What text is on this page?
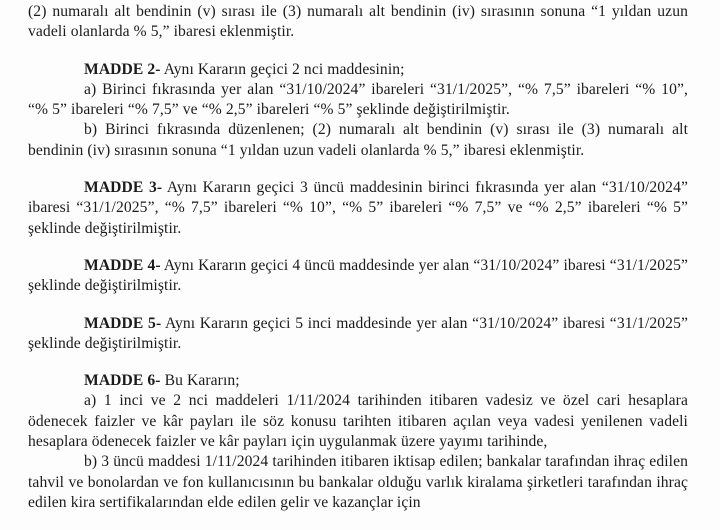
(2) numaralı alt bendinin (v) sırası ile (3) numaralı alt bendinin (iv) sırasının sonuna “1 yıldan uzun vadeli olanlarda % 5,” ibaresi eklenmiştir.

MADDE 2- Aynı Kararın geçici 2 nci maddesinin;

a) Birinci fıkrasında yer alan “31/10/2024” ibareleri “31/1/2025”, “% 7,5” ibareleri “% 10”, “% 5” ibareleri “% 7,5” ve “% 2,5” ibareleri “% 5” şeklinde değiştirilmiştir.

b) Birinci fıkrasında düzenlenen; (2) numaralı alt bendinin (v) sırası ile (3) numaralı alt bendinin (iv) sırasının sonuna “1 yıldan uzun vadeli olanlarda % 5,” ibaresi eklenmiştir.

MADDE 3- Aynı Kararın geçici 3 üncü maddesinin birinci fıkrasında yer alan “31/10/2024” ibaresi “31/1/2025”, “% 7,5” ibareleri “% 10”, “% 5” ibareleri “% 7,5” ve “% 2,5” ibareleri “% 5” şeklinde değiştirilmiştir.

MADDE 4- Aynı Kararın geçici 4 üncü maddesinde yer alan “31/10/2024” ibaresi “31/1/2025” şeklinde değiştirilmiştir.

MADDE 5- Aynı Kararın geçici 5 inci maddesinde yer alan “31/10/2024” ibaresi “31/1/2025” şeklinde değiştirilmiştir.

MADDE 6- Bu Kararın;

a) 1 inci ve 2 nci maddeleri 1/11/2024 tarihinden itibaren vadesiz ve özel cari hesaplara ödenecek faizler ve kâr payları ile söz konusu tarihten itibaren açılan veya vadesi yenilenen vadeli hesaplara ödenecek faizler ve kâr payları için uygulanmak üzere yayımı tarihinde,

b) 3 üncü maddesi 1/11/2024 tarihinden itibaren iktisap edilen; bankalar tarafından ihraç edilen tahvil ve bonolardan ve fon kullanıcısının bu bankalar olduğu varlık kiralama şirketleri tarafından ihraç edilen kira sertifikalarından elde edilen gelir ve kazançlar için
